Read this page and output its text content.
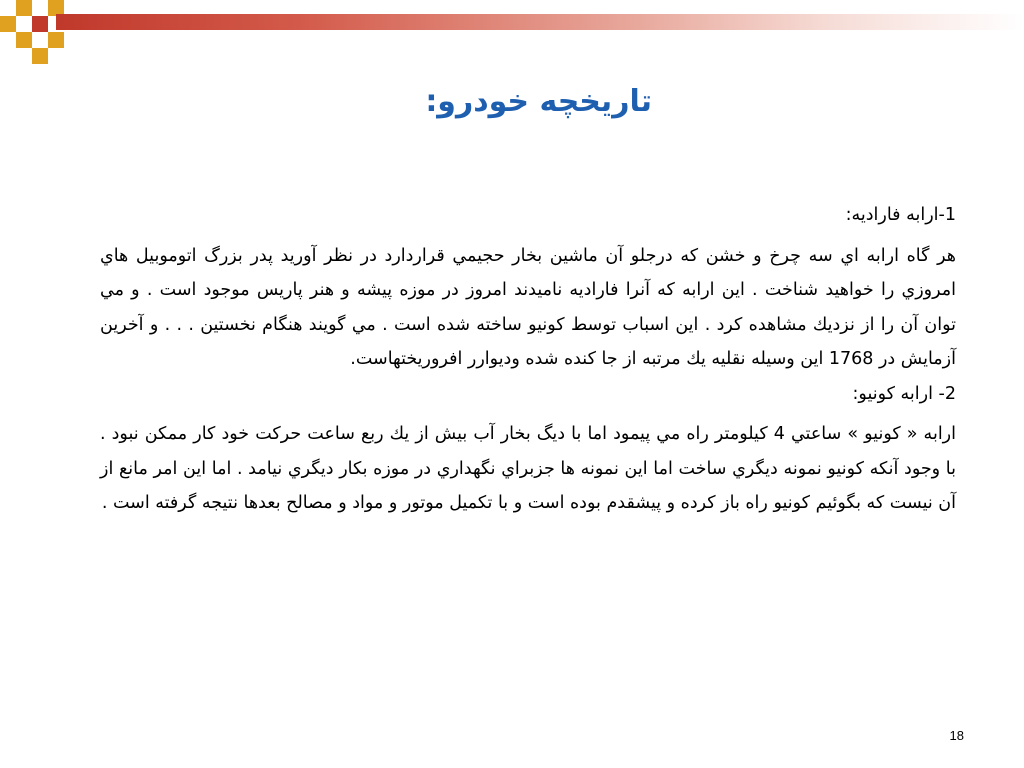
تاريخچه خودرو:

1-ارابه فاراديه:

هر گاه ارابه اي سه چرخ و خشن كه درجلو آن ماشين بخار حجيمي قراردارد در نظر آوريد پدر بزرگ اتوموبيل هاي امروزي را خواهيد شناخت . اين ارابه كه آنرا فاراديه ناميدند امروز در موزه پيشه و هنر پاريس موجود است . و مي توان آن را از نزديك مشاهده كرد . اين اسباب توسط كونيو ساخته شده است . مي گويند هنگام نخستين . . . و آخرين آزمايش در 1768 اين وسيله نقليه يك مرتبه از جا كنده شده وديوارر افروريختهاست.

2- ارابه كونيو:

ارابه « كونيو » ساعتي 4 كيلومتر راه مي پيمود اما با ديگ بخار آب بيش از يك ربع ساعت حركت خود كار ممكن نبود . با وجود آنكه كونيو نمونه ديگري ساخت اما اين نمونه ها جزبراي نگهداري در موزه بكار ديگري نيامد . اما اين امر مانع از آن نيست كه بگوئيم كونيو راه باز كرده و پيشقدم بوده است و با تكميل موتور و مواد و مصالح بعدها نتيجه گرفته است .

18
